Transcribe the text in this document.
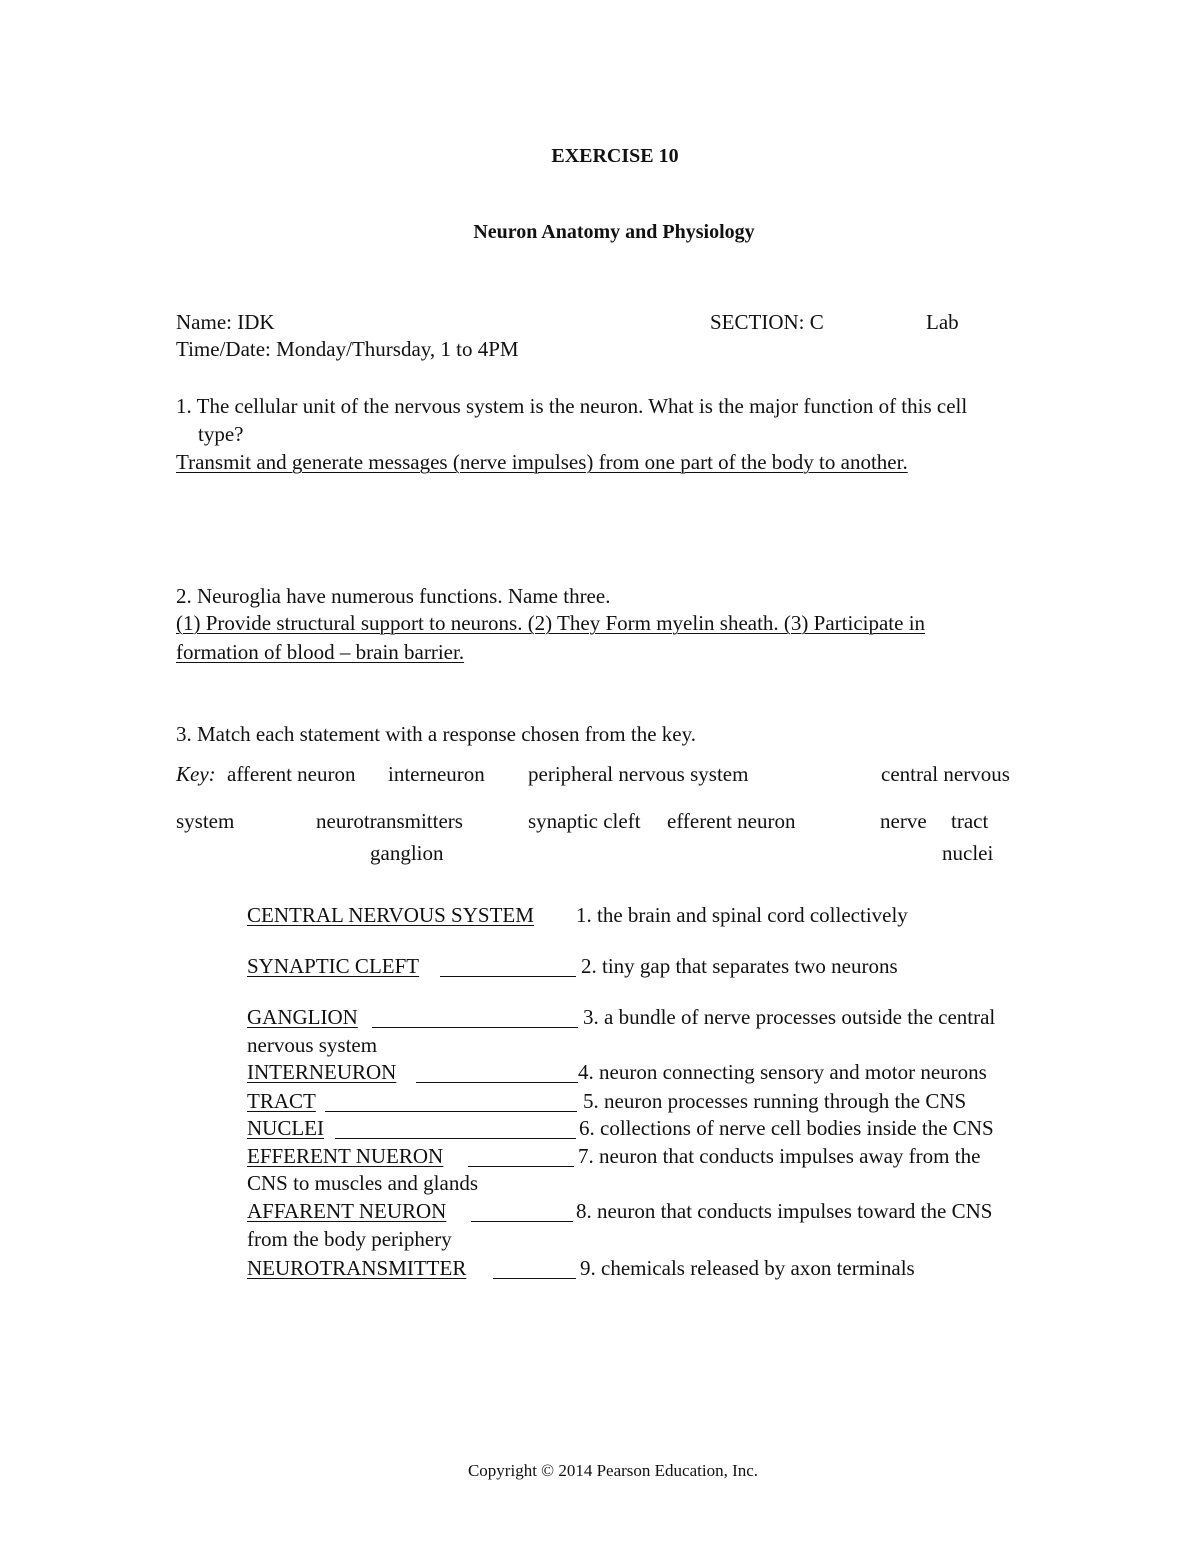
EXERCISE 10
Neuron Anatomy and Physiology
Name: IDK	SECTION: C	Lab
Time/Date: Monday/Thursday, 1 to 4PM
1. The cellular unit of the nervous system is the neuron. What is the major function of this cell
type?
Transmit and generate messages (nerve impulses) from one part of the body to another.
2. Neuroglia have numerous functions. Name three.
(1) Provide structural support to neurons. (2) They Form myelin sheath. (3) Participate in
formation of blood – brain barrier.
3. Match each statement with a response chosen from the key.
Key: afferent neuron interneuron peripheral nervous system	central nervous
system	neurotransmitters	synaptic cleft efferent neuron	nerve tract
ganglion	nuclei
CENTRAL NERVOUS SYSTEM 1. the brain and spinal cord collectively
SYNAPTIC CLEFT	2. tiny gap that separates two neurons
GANGLION	3. a bundle of nerve processes outside the central
nervous system
INTERNEURON	4. neuron connecting sensory and motor neurons
TRACT	5. neuron processes running through the CNS
NUCLEI	6. collections of nerve cell bodies inside the CNS
EFFERENT NUERON	7. neuron that conducts impulses away from the
CNS to muscles and glands
AFFARENT NEURON	8. neuron that conducts impulses toward the CNS
from the body periphery
NEUROTRANSMITTER	9. chemicals released by axon terminals
Copyright © 2014 Pearson Education, Inc.
